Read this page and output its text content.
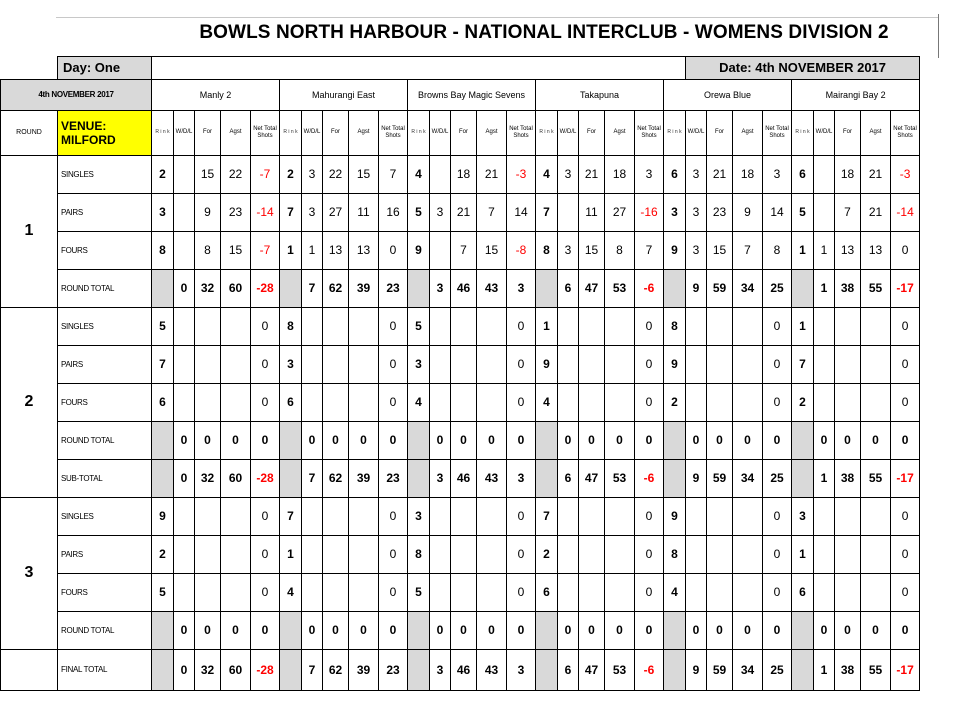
BOWLS NORTH HARBOUR - NATIONAL INTERCLUB - WOMENS DIVISION 2
	Day: One																						Date: 4th NOVEMBER 2017								
4th NOVEMBER 2017		Manly 2					Mahurangi East					Browns Bay Magic Sevens					Takapuna					Orewa Blue					Mairangi Bay 2				
ROUND	VENUE: MILFORD	R i n k	W/D/L	For	Agst	Net Total Shots	R i n k	W/D/L	For	Agst	Net Total Shots	R i n k	W/D/L	For	Agst	Net Total Shots	R i n k	W/D/L	For	Agst	Net Total Shots	R i n k	W/D/L	For	Agst	Net Total Shots	R i n k	W/D/L	For	Agst	Net Total Shots
1	SINGLES	2		15	22	-7	2	3	22	15	7	4		18	21	-3	4	3	21	18	3	6	3	21	18	3	6		18	21	-3
	PAIRS	3		9	23	-14	7	3	27	11	16	5	3	21	7	14	7		11	27	-16	3	3	23	9	14	5		7	21	-14
	FOURS	8		8	15	-7	1	1	13	13	0	9		7	15	-8	8	3	15	8	7	9	3	15	7	8	1	1	13	13	0
	ROUND TOTAL		0	32	60	-28		7	62	39	23		3	46	43	3		6	47	53	-6		9	59	34	25		1	38	55	-17
2	SINGLES	5				0	8				0	5				0	1				0	8				0	1				0
	PAIRS	7				0	3				0	3				0	9				0	9				0	7				0
	FOURS	6				0	6				0	4				0	4				0	2				0	2				0
	ROUND TOTAL		0	0	0	0		0	0	0	0		0	0	0	0		0	0	0	0		0	0	0	0		0	0	0	0
	SUB-TOTAL		0	32	60	-28		7	62	39	23		3	46	43	3		6	47	53	-6		9	59	34	25		1	38	55	-17
3	SINGLES	9				0	7				0	3				0	7				0	9				0	3				0
	PAIRS	2				0	1				0	8				0	2				0	8				0	1				0
	FOURS	5				0	4				0	5				0	6				0	4				0	6				0
	ROUND TOTAL		0	0	0	0		0	0	0	0		0	0	0	0		0	0	0	0		0	0	0	0		0	0	0	0
	FINAL TOTAL		0	32	60	-28		7	62	39	23		3	46	43	3		6	47	53	-6		9	59	34	25		1	38	55	-17
